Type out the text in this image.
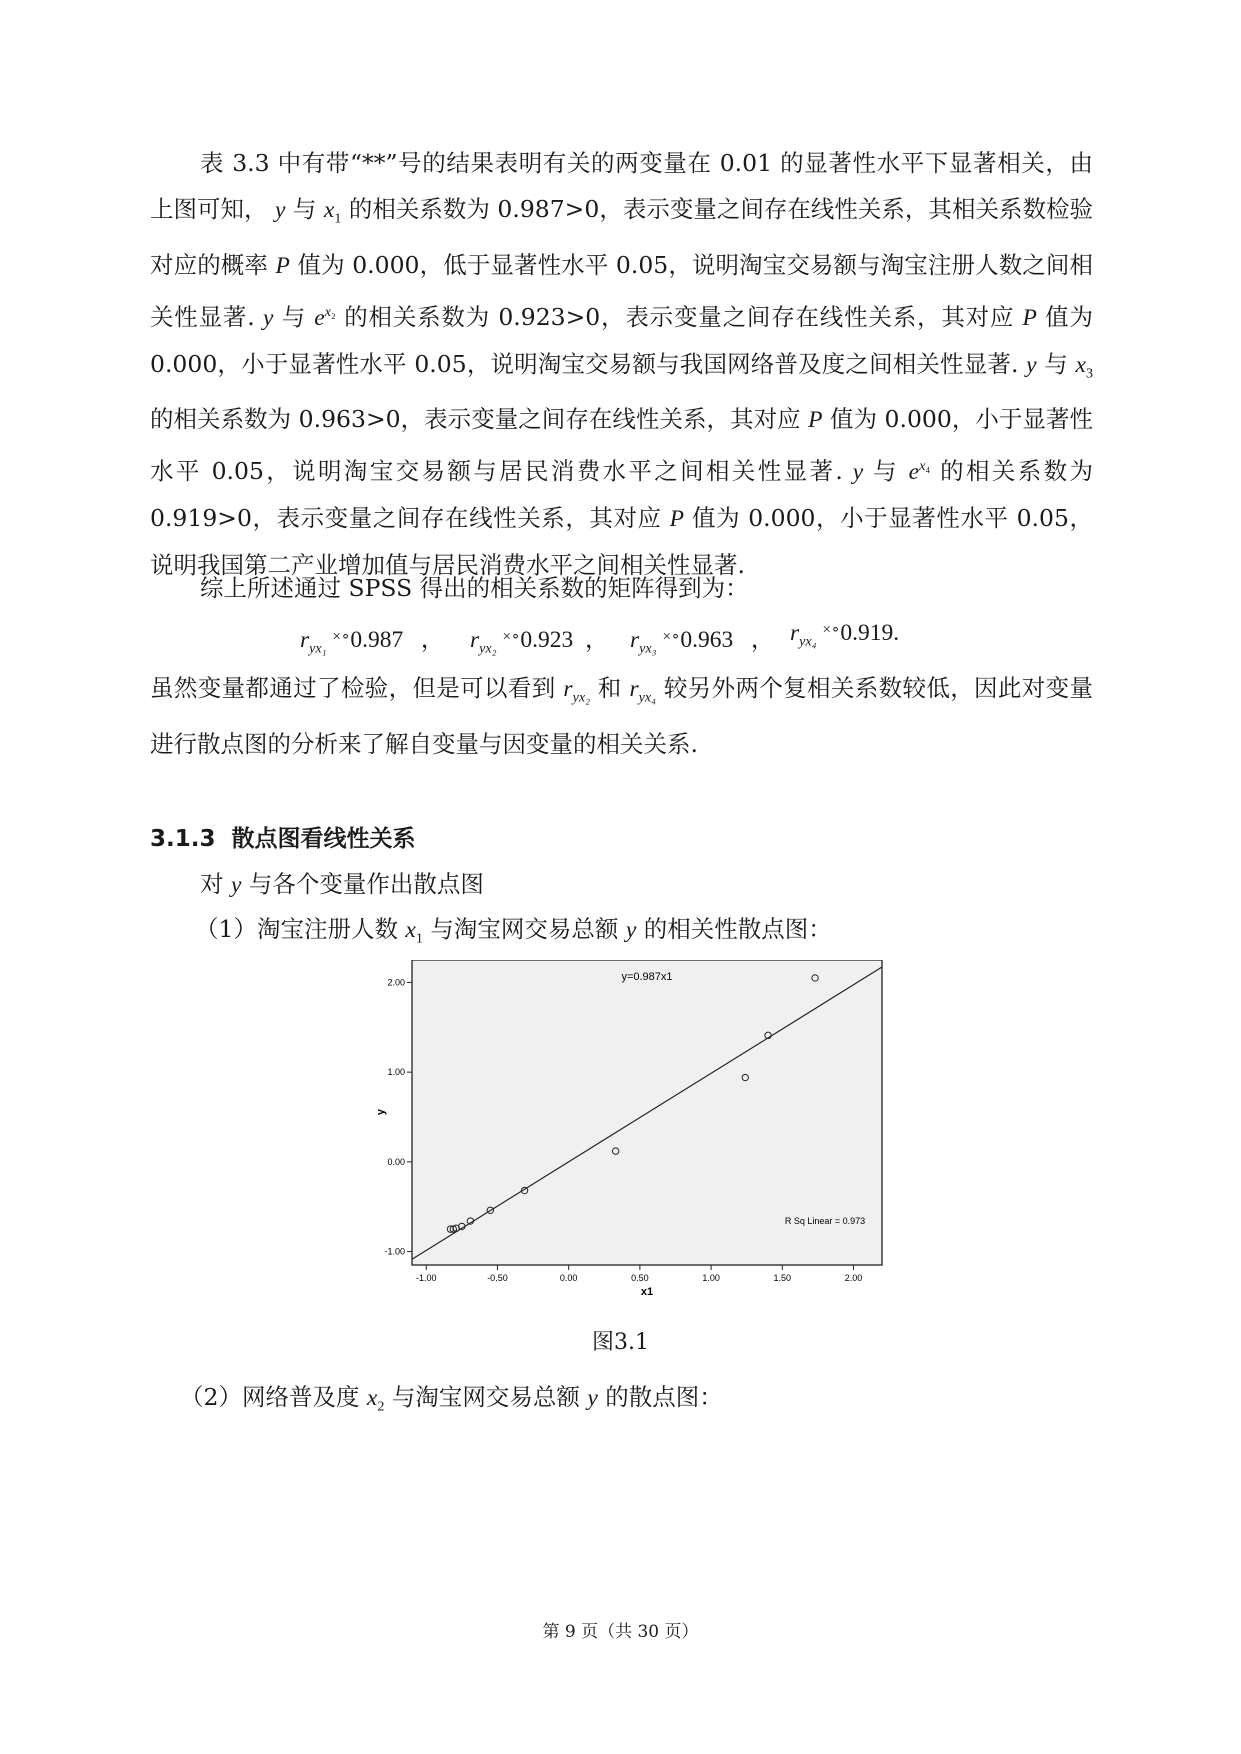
表 3.3 中有带“**”号的结果表明有关的两变量在 0.01 的显著性水平下显著相关，由上图可知， y 与 $x_1$ 的相关系数为 0.987>0，表示变量之间存在线性关系，其相关系数检验对应的概率 P 值为 0.000，低于显著性水平 0.05，说明淘宝交易额与淘宝注册人数之间相关性显著. y 与 $e^{x_2}$ 的相关系数为 0.923>0，表示变量之间存在线性关系，其对应 P 值为 0.000，小于显著性水平 0.05，说明淘宝交易额与我国网络普及度之间相关性显著. y 与 $x_3$ 的相关系数为 0.963>0，表示变量之间存在线性关系，其对应 P 值为 0.000，小于显著性水平 0.05，说明淘宝交易额与居民消费水平之间相关性显著. y 与 $e^{x_4}$ 的相关系数为 0.919>0，表示变量之间存在线性关系，其对应 P 值为 0.000，小于显著性水平 0.05，说明我国第二产业增加值与居民消费水平之间相关性显著.

综上所述通过 SPSS 得出的相关系数的矩阵得到为：

$r_{yx_1}$ ×∘0.987   ， $r_{yx_2}$ ×∘0.923  ， $r_{yx_3}$ ×∘0.963   ， $r_{yx_4}$ ×∘0.919.

虽然变量都通过了检验，但是可以看到 $r_{yx_2}$ 和 $r_{yx_4}$ 较另外两个复相关系数较低，因此对变量进行散点图的分析来了解自变量与因变量的相关关系.

3.1.3 散点图看线性关系
对 y 与各个变量作出散点图
（1）淘宝注册人数 $x_1$ 与淘宝网交易总额 y 的相关性散点图：
-1.00
0.00
1.00
2.00
-1.00	-0.50	0.00	0.50	1.00	1.50	2.00
y=0.987x1
R Sq Linear = 0.973
x1
y
图3.1
（2）网络普及度 $x_2$ 与淘宝网交易总额 y 的散点图：
第 9 页（共 30 页）
